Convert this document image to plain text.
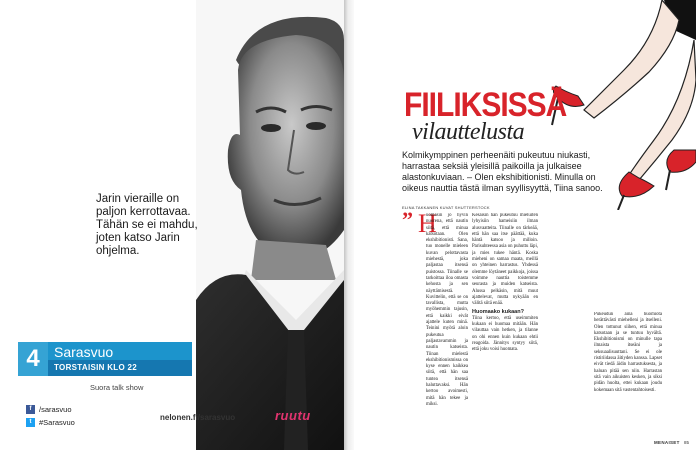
Jarin vieraille on
paljon kerrottavaa.
Tähän se ei mahdu,
joten katso Jarin
ohjelma.
4	Sarasvuo
TORSTAISIN KLO 22
Suora talk show
f	/sarasvuo
t	#Sarasvuo	nelonen.fi/sarasvuo	ruutu
FIILIKSISSÄ
vilauttelusta
Kolmikymppinen perheenäiti pukeutuu niukasti, harrastaa seksiä yleisillä paikoilla ja julkaisee alastonkuviaan. – Olen ekshibitionisti. Minulla on oikeus nauttia tästä ilman syyllisyyttä, Tiina sanoo.
ELINA TAKKANEN KUVAT SHUTTERSTOCK
” H

uomasin jo hyvin nuorena, että nautin siitä, että minua katsotaan. Olen ekshibitionisti. Sana, tuo monelle mieleen kuvan pelottavasta miehestä, joka paljastaa itsensä puistossa. Tiinalle se tarkoittaa iloa omasta kehosta ja sen näyttämisestä. Kuvittelin, että se on tavallista, mutta myöhemmin tajusin, että kaikki eivät ajattele kuten minä. Teinini myötä aloin pukeutua paljastavammin ja nautin katseista. Tiinan mielestä ekshibitionismissa on kyse ennen kaikkea siitä, että hän saa tuntea itsensä haluttavaksi. Hän kertoo avoimesti, mitä hän tekee ja miksi.

Kesäisin hän pukeutuu mieluiten lyhyisiin hameisiin ilman alusvaatteita. Tiinalle on tärkeää, että hän saa itse päättää, kuka häntä katsoo ja milloin. Parisuhteessa asia on puhuttu läpi, ja mies tukee häntä. Koska mieheni on samaa maata, meillä on yhteinen harrastus. Yhdessä olemme löytäneet paikkoja, joissa voimme nauttia toistemme seurasta ja muiden katseista. Alussa pelkäsin, mitä muut ajattelevat, mutta nykyään en välitä siitä enää.

Huomaako kukaan?

Tiina kertoo, että useimmiten kukaan ei huomaa mitään. Hän vilauttaa vain hetken, ja tilanne on ohi ennen kuin kukaan ehtii reagoida. Jännitys syntyy siitä, että joku voisi huomata.

Pukeudun aina huomiota herättävästi miehelleni ja itselleni. Olen tottunut siihen, että minua katsotaan ja se tuntuu hyvältä. Ekshibitionismi on minulle tapa ilmaista itseäni ja seksuaalisuuttani. Se ei ole ristiriidassa äitiyden kanssa. Lapset eivät tiedä äidin harrastuksesta, ja haluan pitää sen niin. Harrastan sitä vain aikuisten kesken, ja siksi pidän huolta, ettei kukaan joudu kokemaan sitä vastentahtoisesti.

MENAISET 85
